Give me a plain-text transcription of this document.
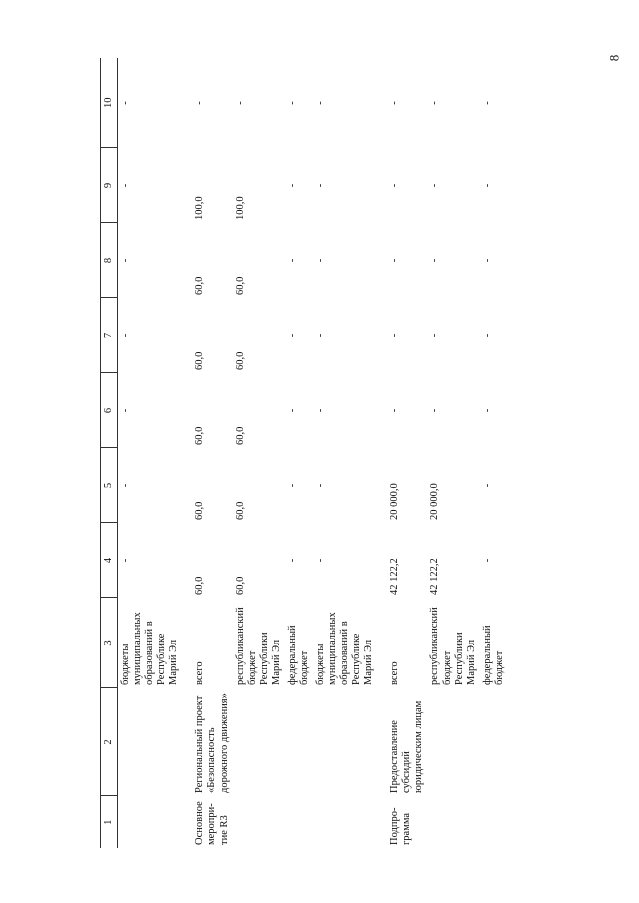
8
1	2	3	4	5	6	7	8	9	10
		бюджеты муниципальных образований в Республике Марий Эл	-	-	-	-	-	-	-

Основное меропри- тие R3	Региональный проект «Безопасность дорожного движения»	всего	60,0	60,0	60,0	60,0	60,0	100,0	-
		республиканский бюджет Республики Марий Эл	60,0	60,0	60,0	60,0	60,0	100,0	-
		федеральный бюджет	-	-	-	-	-	-	-
		бюджеты муниципальных образований в Республике Марий Эл	-	-	-	-	-	-	-

Подпро- грамма	Предоставление субсидий юридическим лицам	всего	42 122,2	20 000,0	-	-	-	-	-
		республиканский бюджет Республики Марий Эл	42 122,2	20 000,0	-	-	-	-	-
		федеральный бюджет	-	-	-	-	-	-	-
